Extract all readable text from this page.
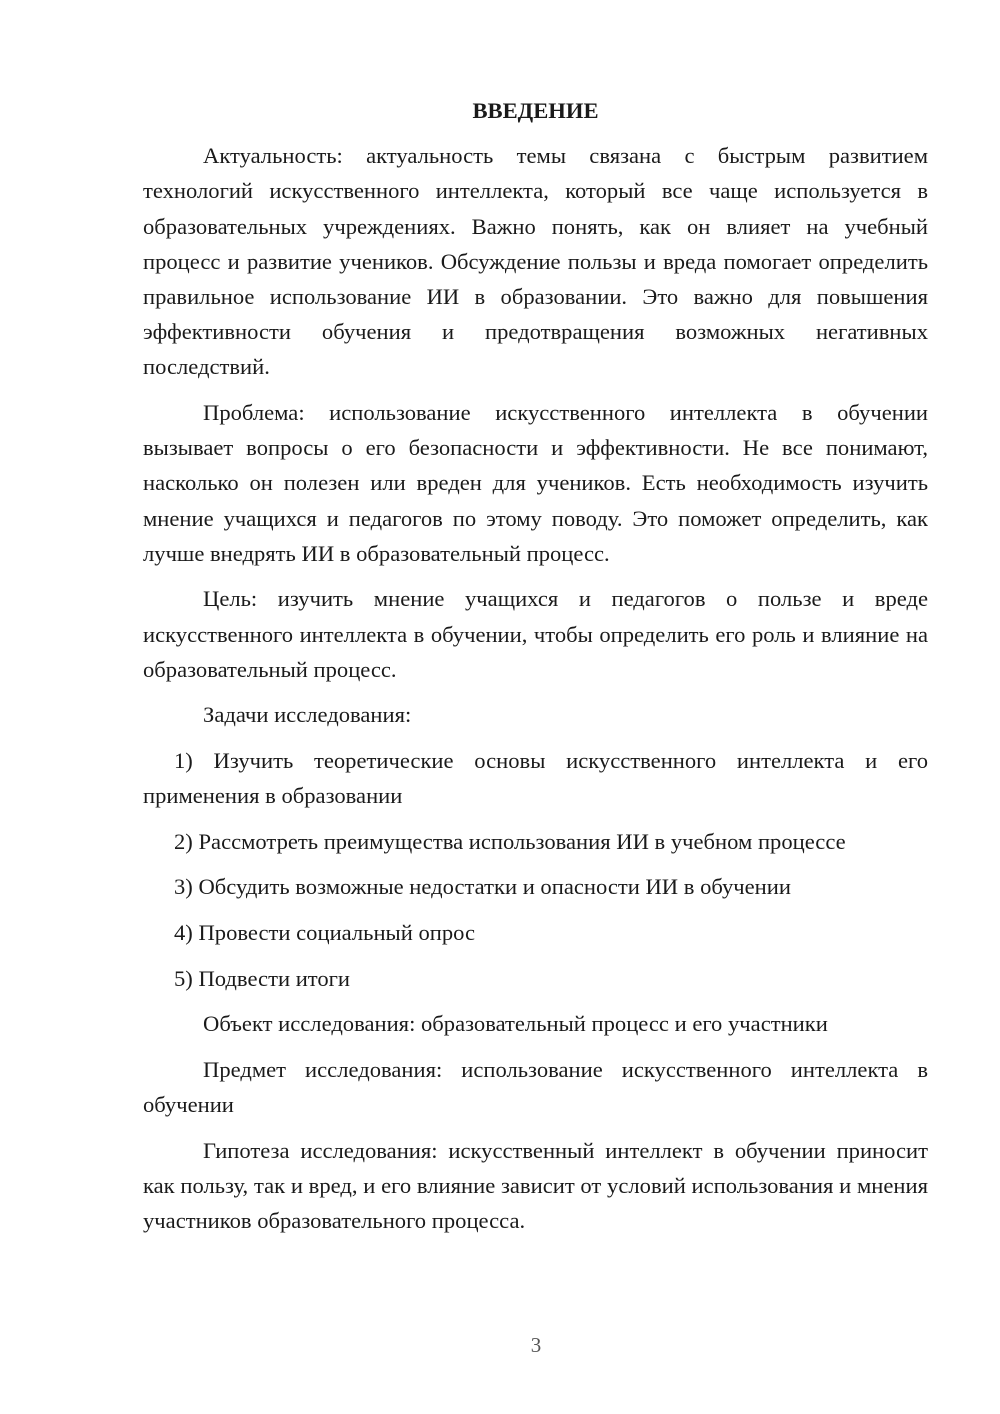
ВВЕДЕНИЕ

Актуальность: актуальность темы связана с быстрым развитием технологий искусственного интеллекта, который все чаще используется в образовательных учреждениях. Важно понять, как он влияет на учебный процесс и развитие учеников. Обсуждение пользы и вреда помогает определить правильное использование ИИ в образовании. Это важно для повышения эффективности обучения и предотвращения возможных негативных последствий.

Проблема: использование искусственного интеллекта в обучении вызывает вопросы о его безопасности и эффективности. Не все понимают, насколько он полезен или вреден для учеников. Есть необходимость изучить мнение учащихся и педагогов по этому поводу. Это поможет определить, как лучше внедрять ИИ в образовательный процесс.

Цель: изучить мнение учащихся и педагогов о пользе и вреде искусственного интеллекта в обучении, чтобы определить его роль и влияние на образовательный процесс.

Задачи исследования:

1) Изучить теоретические основы искусственного интеллекта и его применения в образовании

2) Рассмотреть преимущества использования ИИ в учебном процессе

3) Обсудить возможные недостатки и опасности ИИ в обучении

4) Провести социальный опрос

5) Подвести итоги

Объект исследования: образовательный процесс и его участники

Предмет исследования: использование искусственного интеллекта в обучении

Гипотеза исследования: искусственный интеллект в обучении приносит как пользу, так и вред, и его влияние зависит от условий использования и мнения участников образовательного процесса.

3
